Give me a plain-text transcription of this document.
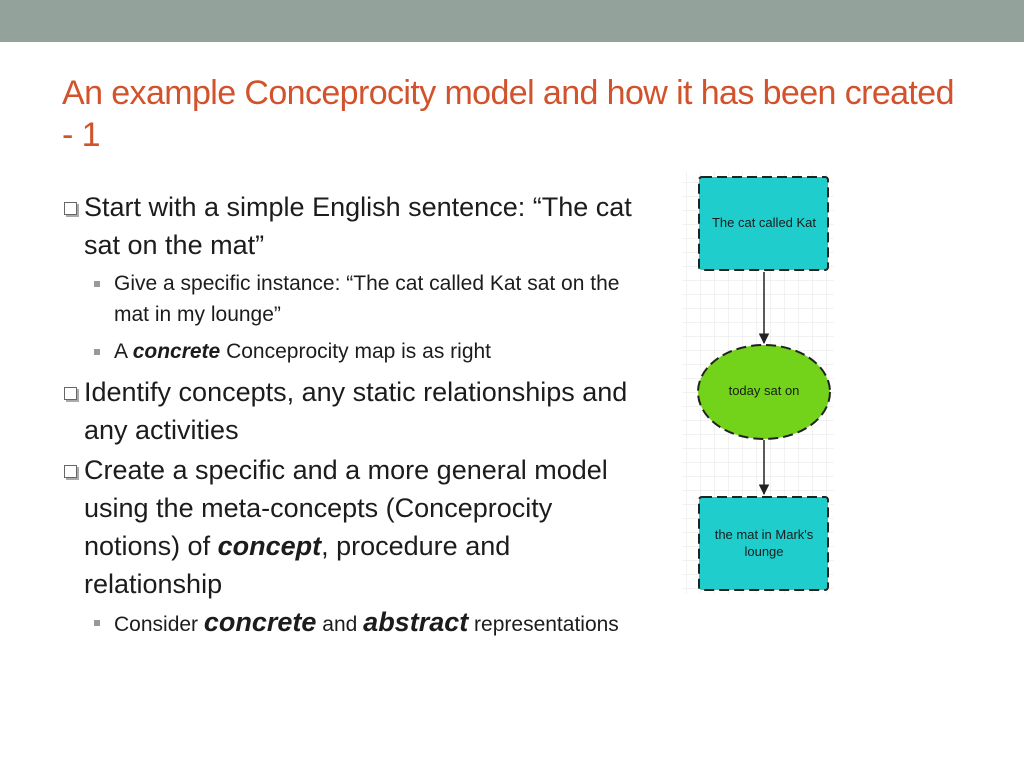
An example Conceprocity model and how it has been created - 1
Start with a simple English sentence: “The cat sat on the mat”
Give a specific instance: “The cat called Kat sat on the mat in my lounge”
A concrete Conceprocity map is as right
Identify concepts, any static relationships and any activities
Create a specific and a more general model using the meta-concepts (Conceprocity notions) of concept, procedure and relationship
Consider concrete and abstract representations
The cat called Kat
today sat on
the mat in Mark's
lounge
